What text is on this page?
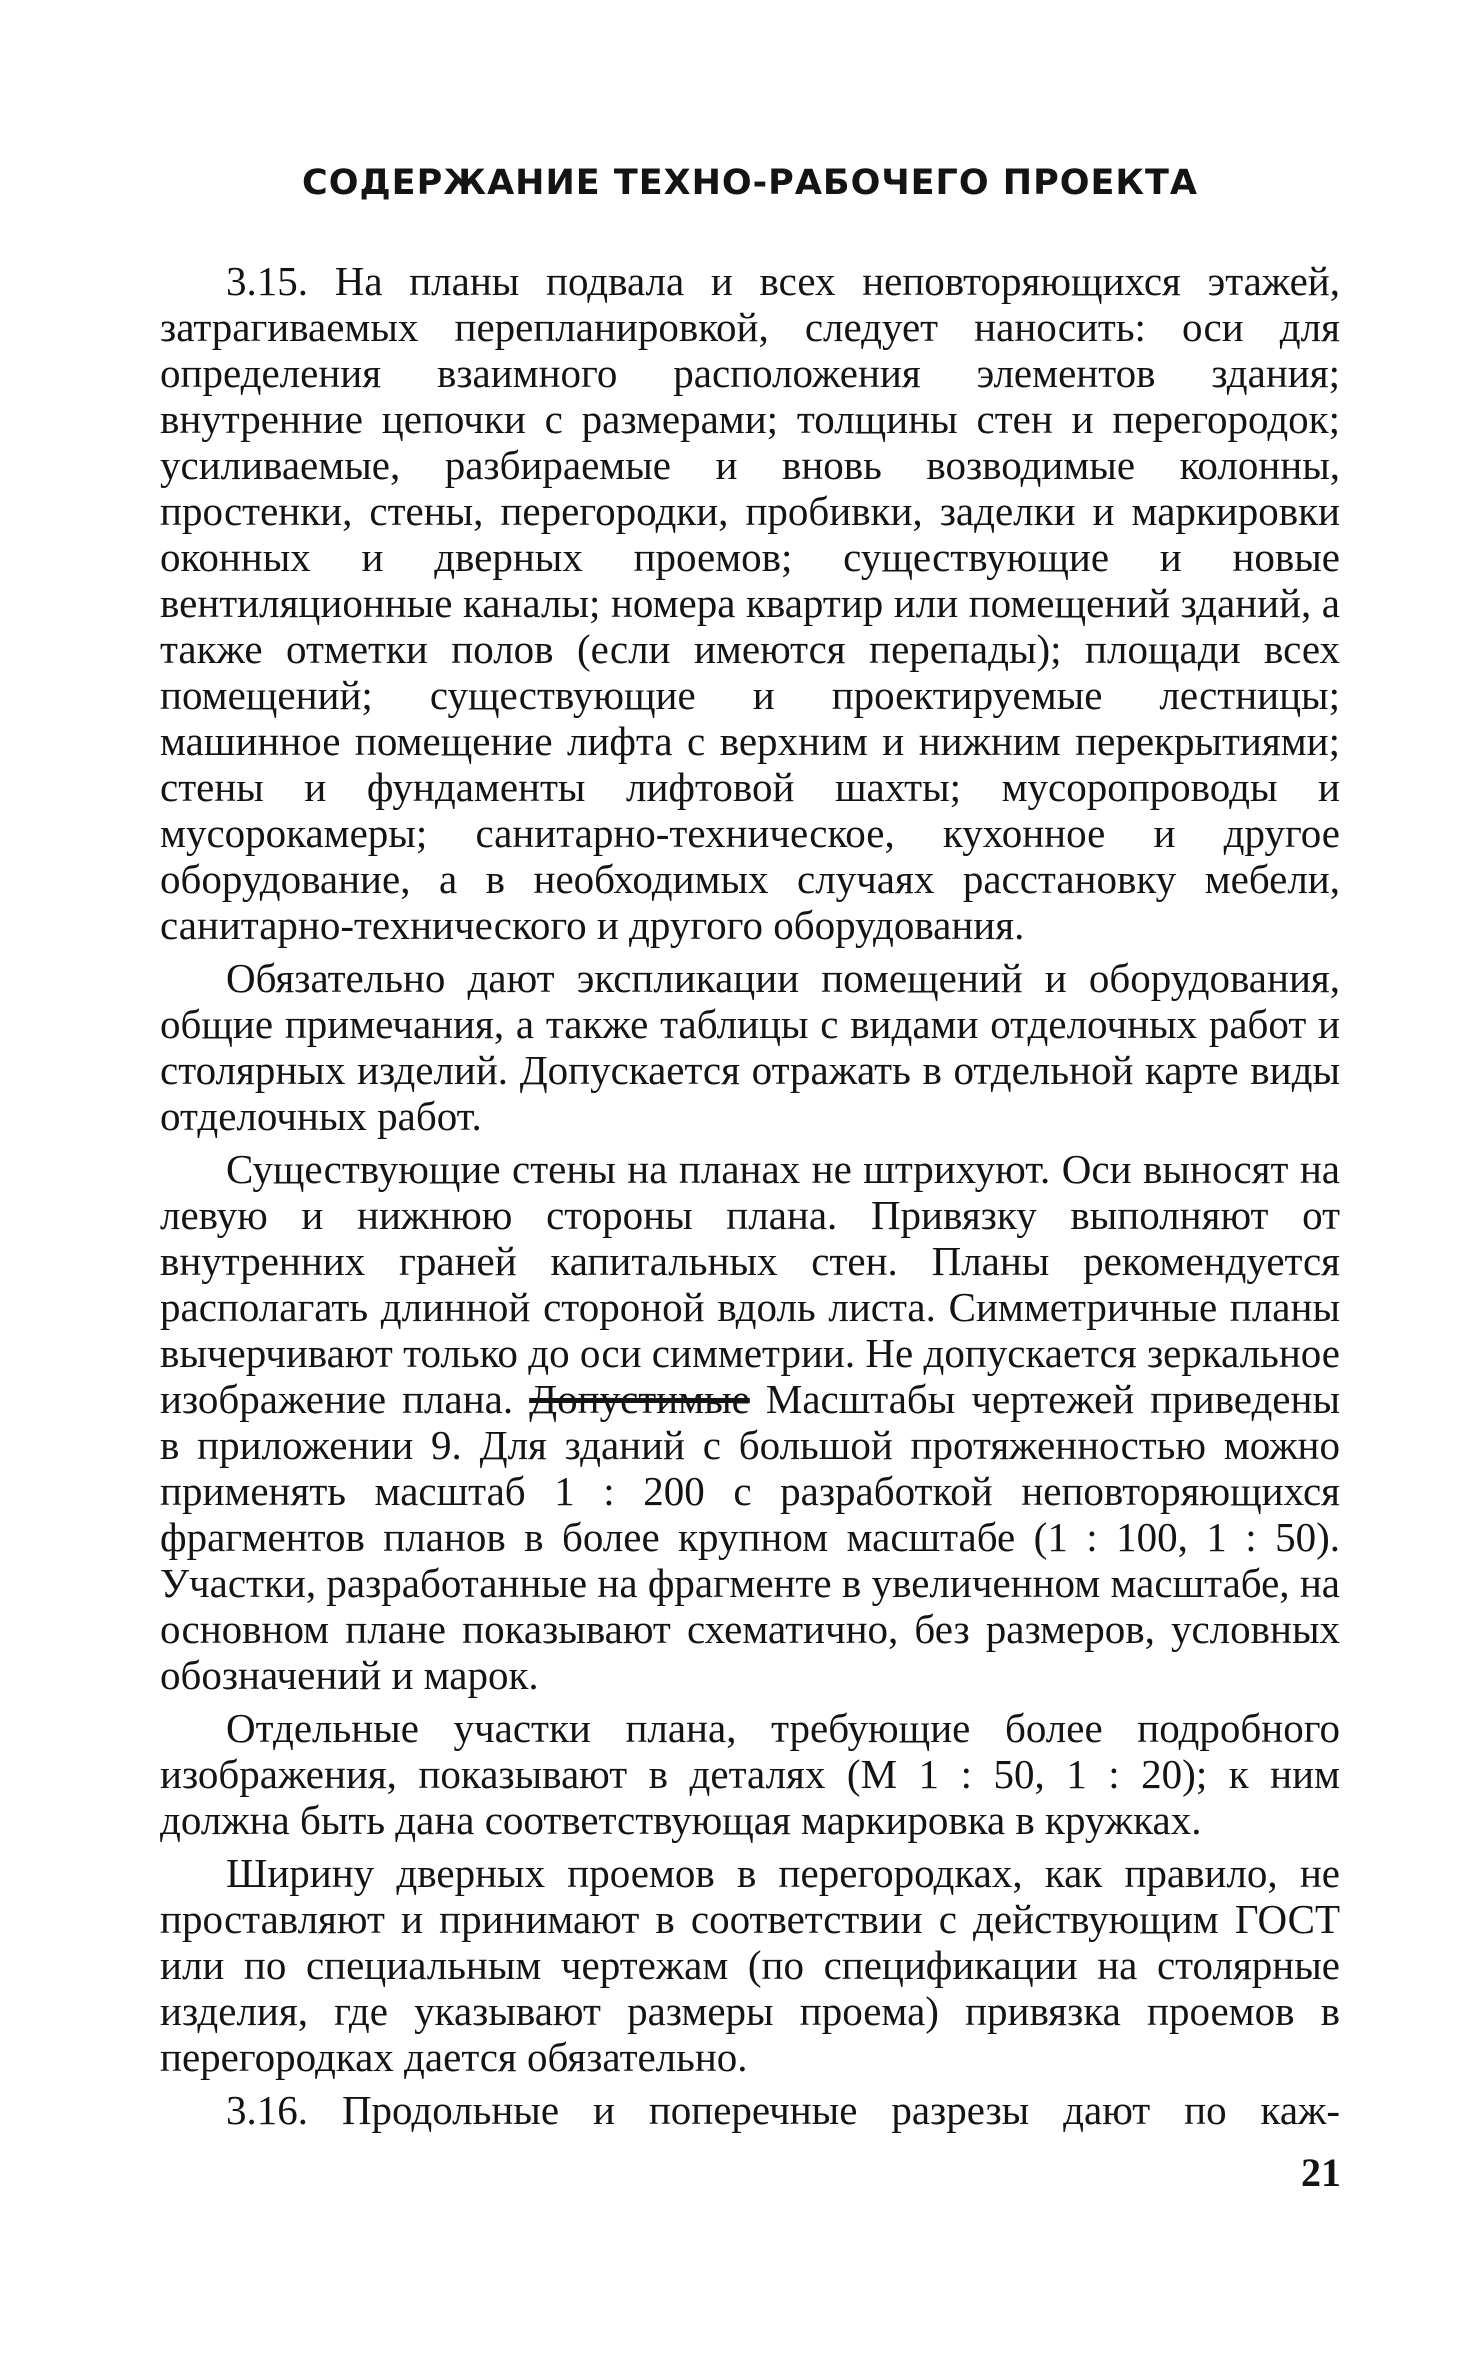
СОДЕРЖАНИЕ ТЕХНО-РАБОЧЕГО ПРОЕКТА

3.15. На планы подвала и всех неповторяющихся этажей, затрагиваемых перепланировкой, следует наносить: оси для определения взаимного расположения элементов здания; внутренние цепочки с размерами; толщины стен и перегородок; усиливаемые, разбираемые и вновь возводимые колонны, простенки, стены, перегородки, пробивки, заделки и маркировки оконных и дверных проемов; существующие и новые вентиляционные каналы; номера квартир или помещений зданий, а также отметки полов (если имеются перепады); площади всех помещений; существующие и проектируемые лестницы; машинное помещение лифта с верхним и нижним перекрытиями; стены и фундаменты лифтовой шахты; мусоропроводы и мусорокамеры; санитарно-техническое, кухонное и другое оборудование, а в необходимых случаях расстановку мебели, санитарно-технического и другого оборудования.

Обязательно дают экспликации помещений и оборудования, общие примечания, а также таблицы с видами отделочных работ и столярных изделий. Допускается отражать в отдельной карте виды отделочных работ.

Существующие стены на планах не штрихуют. Оси выносят на левую и нижнюю стороны плана. Привязку выполняют от внутренних граней капитальных стен. Планы рекомендуется располагать длинной стороной вдоль листа. Симметричные планы вычерчивают только до оси симметрии. Не допускается зеркальное изображение плана. Допустимые Масштабы чертежей приведены в приложении 9. Для зданий с большой протяженностью можно применять масштаб 1 : 200 с разработкой неповторяющихся фрагментов планов в более крупном масштабе (1 : 100, 1 : 50). Участки, разработанные на фрагменте в увеличенном масштабе, на основном плане показывают схематично, без размеров, условных обозначений и марок.

Отдельные участки плана, требующие более подробного изображения, показывают в деталях (М 1 : 50, 1 : 20); к ним должна быть дана соответствующая маркировка в кружках.

Ширину дверных проемов в перегородках, как правило, не проставляют и принимают в соответствии с действующим ГОСТ или по специальным чертежам (по спецификации на столярные изделия, где указывают размеры проема) привязка проемов в перегородках дается обязательно.

3.16. Продольные и поперечные разрезы дают по каж-

21
